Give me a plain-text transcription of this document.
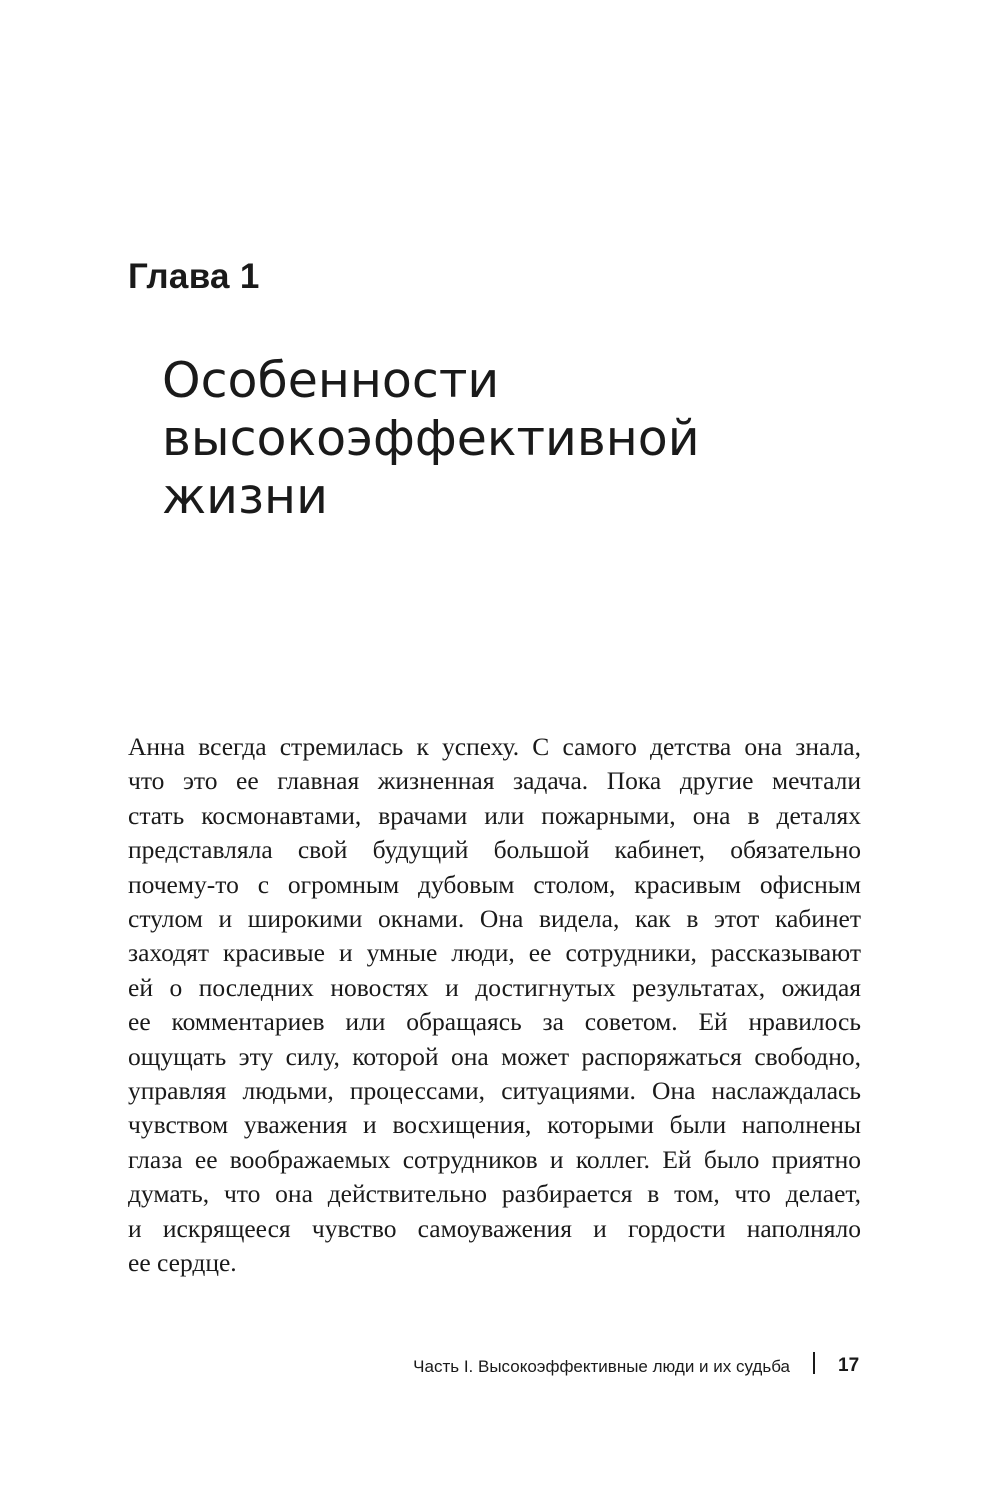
Глава 1
Особенности
высокоэффективной
жизни

Анна всегда стремилась к успеху. С самого детства она знала,
что это ее главная жизненная задача. Пока другие мечтали
стать космонавтами, врачами или пожарными, она в деталях
представляла свой будущий большой кабинет, обязательно
почему-то с огромным дубовым столом, красивым офисным
стулом и широкими окнами. Она видела, как в этот кабинет
заходят красивые и умные люди, ее сотрудники, рассказывают
ей о последних новостях и достигнутых результатах, ожидая
ее комментариев или обращаясь за советом. Ей нравилось
ощущать эту силу, которой она может распоряжаться свободно,
управляя людьми, процессами, ситуациями. Она наслаждалась
чувством уважения и восхищения, которыми были наполнены
глаза ее воображаемых сотрудников и коллег. Ей было приятно
думать, что она действительно разбирается в том, что делает,
и искрящееся чувство самоуважения и гордости наполняло
ее сердце.

Часть I. Высокоэффективные люди и их судьба	17
